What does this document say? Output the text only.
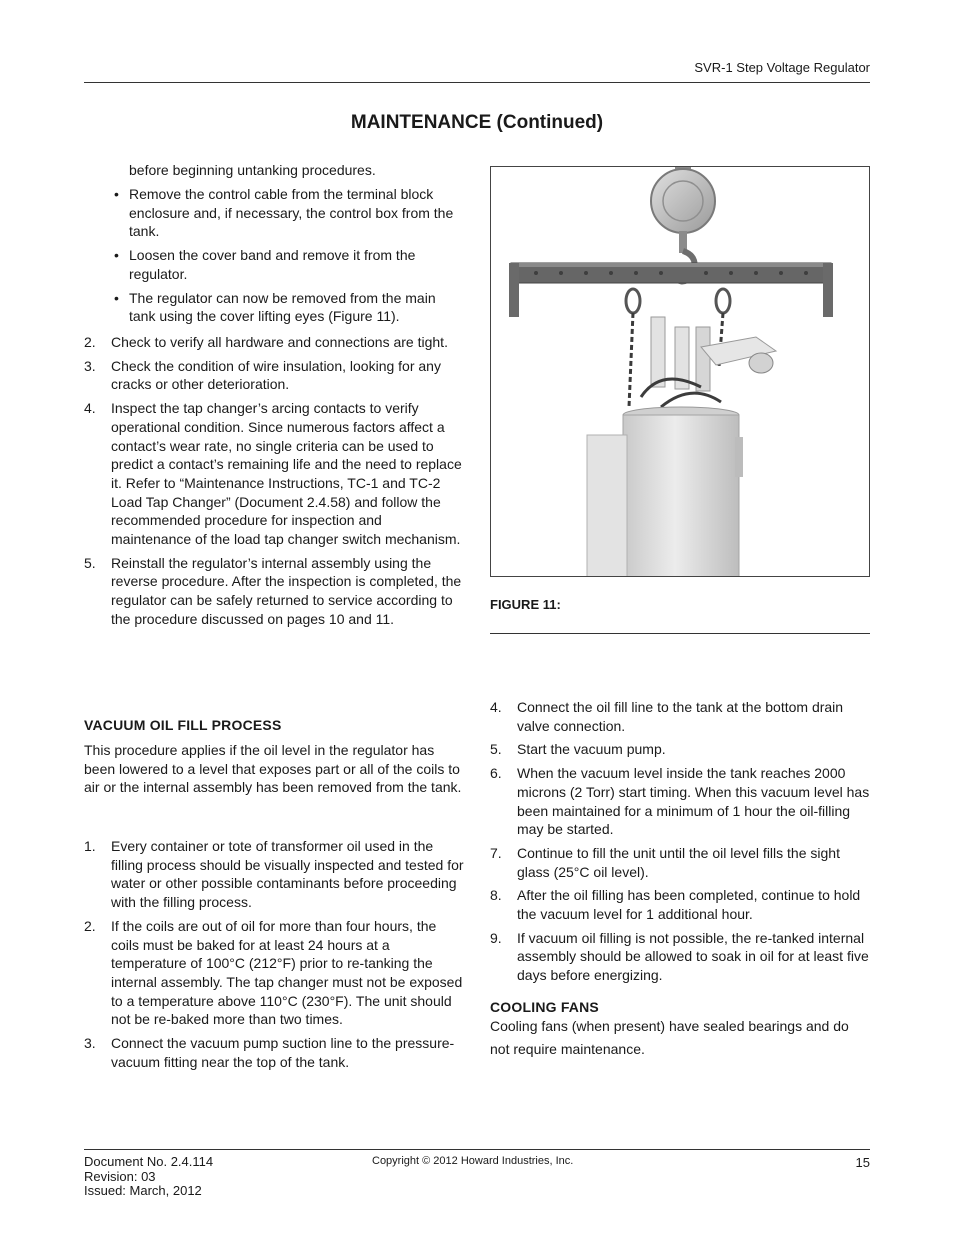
SVR-1 Step Voltage Regulator
MAINTENANCE (Continued)
before beginning untanking procedures.
• Remove the control cable from the terminal block enclosure and, if necessary, the control box from the tank.
• Loosen the cover band and remove it from the regulator.
• The regulator can now be removed from the main tank using the cover lifting eyes (Figure 11).
2. Check to verify all hardware and connections are tight.
3. Check the condition of wire insulation, looking for any cracks or other deterioration.
4. Inspect the tap changer’s arcing contacts to verify operational condition. Since numerous factors affect a contact’s wear rate, no single criteria can be used to predict a contact’s remaining life and the need to replace it. Refer to “Maintenance Instructions, TC-1 and TC-2 Load Tap Changer” (Document 2.4.58) and follow the recommended procedure for inspection and maintenance of the load tap changer switch mechanism.
5. Reinstall the regulator’s internal assembly using the reverse procedure. After the inspection is completed, the regulator can be safely returned to service according to the procedure discussed on pages 10 and 11.
VACUUM OIL FILL PROCESS
This procedure applies if the oil level in the regulator has been lowered to a level that exposes part or all of the coils to air or the internal assembly has been removed from the tank.
1. Every container or tote of transformer oil used in the filling process should be visually inspected and tested for water or other possible contaminants before proceeding with the filling process.
2. If the coils are out of oil for more than four hours, the coils must be baked for at least 24 hours at a temperature of 100°C (212°F) prior to re-tanking the internal assembly. The tap changer must not be exposed to a temperature above 110°C (230°F). The unit should not be re-baked more than two times.
3. Connect the vacuum pump suction line to the pressure-vacuum fitting near the top of the tank.
FIGURE 11:
4. Connect the oil fill line to the tank at the bottom drain valve connection.
5. Start the vacuum pump.
6. When the vacuum level inside the tank reaches 2000 microns (2 Torr) start timing. When this vacuum level has been maintained for a minimum of 1 hour the oil-filling may be started.
7. Continue to fill the unit until the oil level fills the sight glass (25°C oil level).
8. After the oil filling has been completed, continue to hold the vacuum level for 1 additional hour.
9. If vacuum oil filling is not possible, the re-tanked internal assembly should be allowed to soak in oil for at least five days before energizing.
COOLING FANS
Cooling fans (when present) have sealed bearings and do
not require maintenance.
Document No. 2.4.114
Revision: 03
Issued: March, 2012
Copyright © 2012 Howard Industries, Inc.	15
